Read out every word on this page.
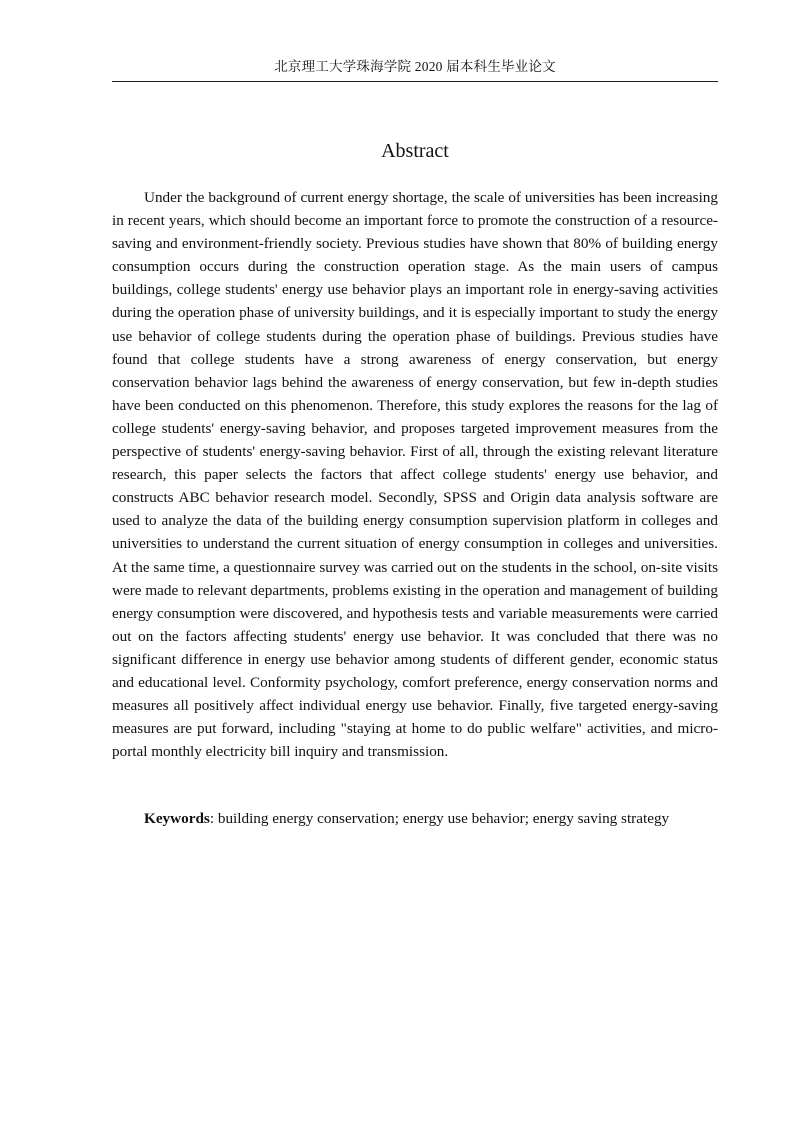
北京理工大学珠海学院 2020 届本科生毕业论文
Abstract

Under the background of current energy shortage, the scale of universities has been increasing in recent years, which should become an important force to promote the construction of a resource-saving and environment-friendly society. Previous studies have shown that 80% of building energy consumption occurs during the construction operation stage. As the main users of campus buildings, college students' energy use behavior plays an important role in energy-saving activities during the operation phase of university buildings, and it is especially important to study the energy use behavior of college students during the operation phase of buildings. Previous studies have found that college students have a strong awareness of energy conservation, but energy conservation behavior lags behind the awareness of energy conservation, but few in-depth studies have been conducted on this phenomenon. Therefore, this study explores the reasons for the lag of college students' energy-saving behavior, and proposes targeted improvement measures from the perspective of students' energy-saving behavior. First of all, through the existing relevant literature research, this paper selects the factors that affect college students' energy use behavior, and constructs ABC behavior research model. Secondly, SPSS and Origin data analysis software are used to analyze the data of the building energy consumption supervision platform in colleges and universities to understand the current situation of energy consumption in colleges and universities. At the same time, a questionnaire survey was carried out on the students in the school, on-site visits were made to relevant departments, problems existing in the operation and management of building energy consumption were discovered, and hypothesis tests and variable measurements were carried out on the factors affecting students' energy use behavior. It was concluded that there was no significant difference in energy use behavior among students of different gender, economic status and educational level. Conformity psychology, comfort preference, energy conservation norms and measures all positively affect individual energy use behavior. Finally, five targeted energy-saving measures are put forward, including "staying at home to do public welfare" activities, and micro-portal monthly electricity bill inquiry and transmission.

Keywords: building energy conservation; energy use behavior; energy saving strategy
